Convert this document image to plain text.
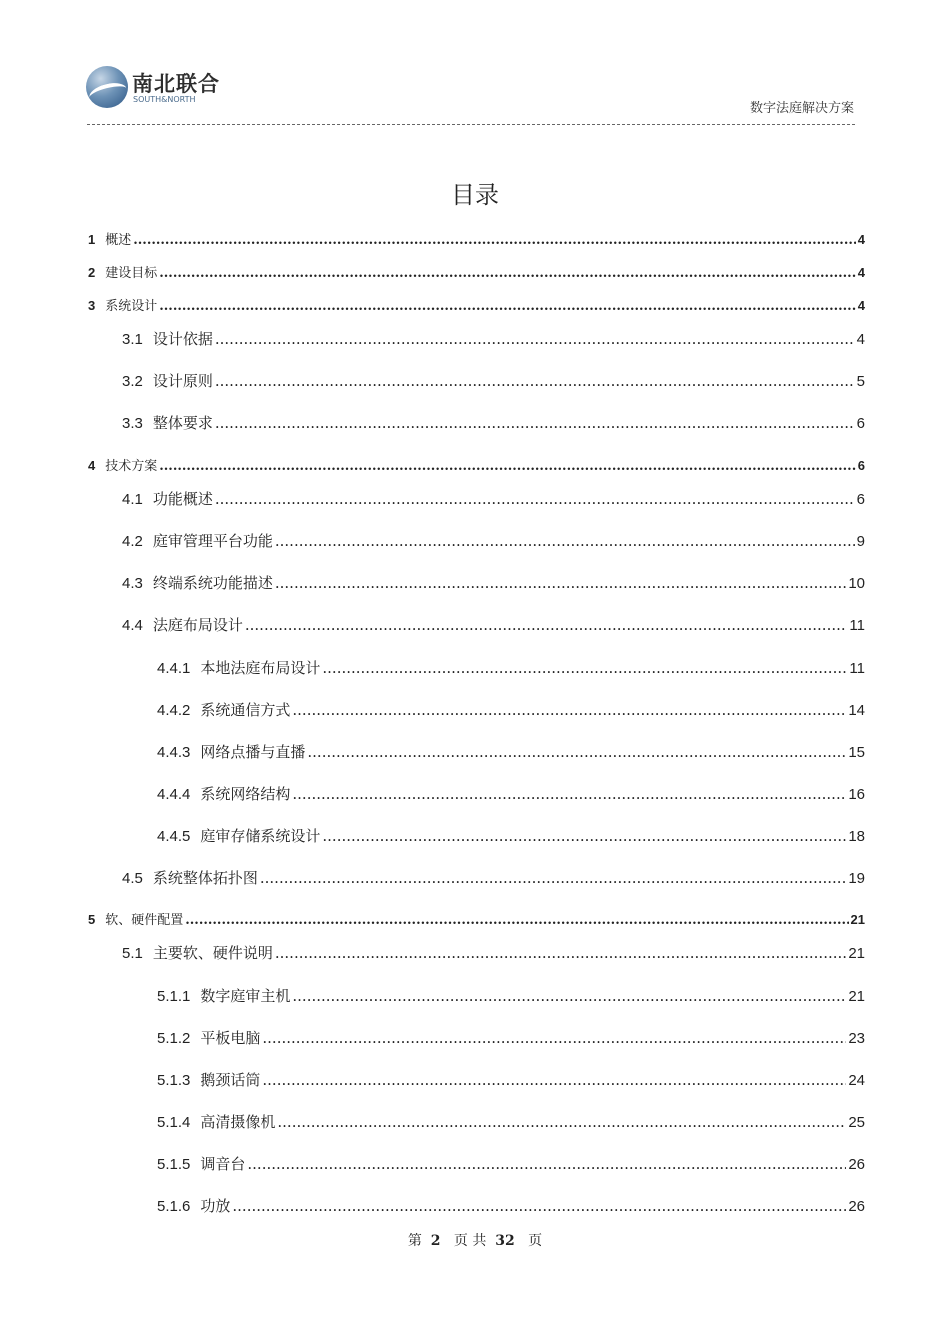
南北联合
SOUTH&NORTH
数字法庭解决方案
目录
1 概述 .....	4
2 建设目标 .....	4
3 系统设计 .....	4
3.1 设计依据 .....	4
3.2 设计原则 .....	5
3.3 整体要求 .....	6
4 技术方案 .....	6
4.1 功能概述 .....	6
4.2 庭审管理平台功能 .....	9
4.3 终端系统功能描述 .....	10
4.4 法庭布局设计 .....	11
4.4.1 本地法庭布局设计 .....	11
4.4.2 系统通信方式 .....	14
4.4.3 网络点播与直播 .....	15
4.4.4 系统网络结构 .....	16
4.4.5 庭审存储系统设计 .....	18
4.5 系统整体拓扑图 .....	19
5 软、硬件配置 .....	21
5.1 主要软、硬件说明 .....	21
5.1.1 数字庭审主机 .....	21
5.1.2 平板电脑 .....	23
5.1.3 鹅颈话筒 .....	24
5.1.4 高清摄像机 .....	25
5.1.5 调音台 .....	26
5.1.6 功放 .....	26
第 2 页 共 32 页
